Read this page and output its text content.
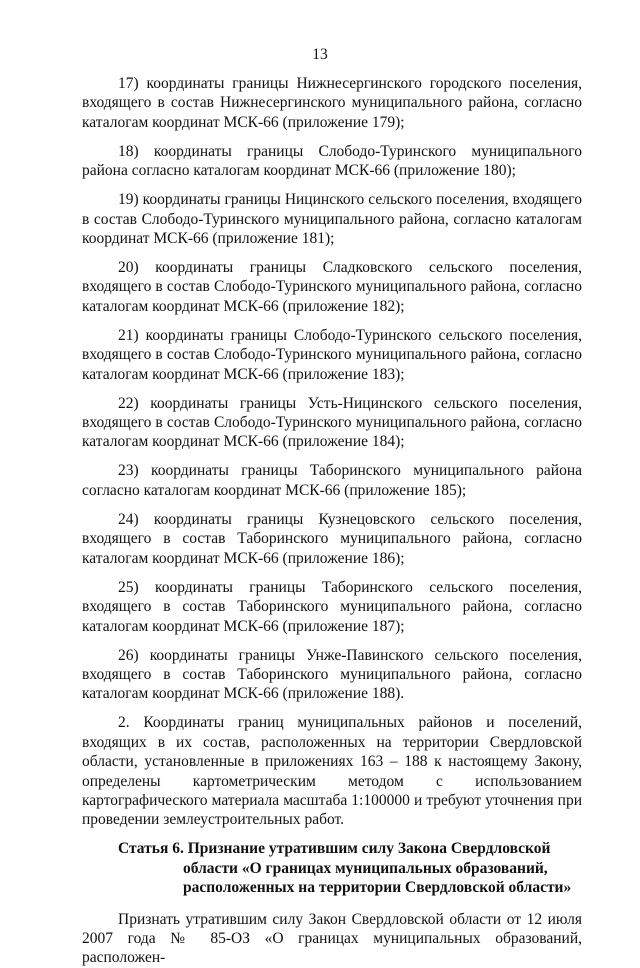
13

17) координаты границы Нижнесергинского городского поселения, входящего в состав Нижнесергинского муниципального района, согласно каталогам координат МСК-66 (приложение 179);

18) координаты границы Слободо-Туринского муниципального района согласно каталогам координат МСК-66 (приложение 180);

19) координаты границы Ницинского сельского поселения, входящего в состав Слободо-Туринского муниципального района, согласно каталогам координат МСК-66 (приложение 181);

20) координаты границы Сладковского сельского поселения, входящего в состав Слободо-Туринского муниципального района, согласно каталогам координат МСК-66 (приложение 182);

21) координаты границы Слободо-Туринского сельского поселения, входящего в состав Слободо-Туринского муниципального района, согласно каталогам координат МСК-66 (приложение 183);

22) координаты границы Усть-Ницинского сельского поселения, входящего в состав Слободо-Туринского муниципального района, согласно каталогам координат МСК-66 (приложение 184);

23) координаты границы Таборинского муниципального района согласно каталогам координат МСК-66 (приложение 185);

24) координаты границы Кузнецовского сельского поселения, входящего в состав Таборинского муниципального района, согласно каталогам координат МСК-66 (приложение 186);

25) координаты границы Таборинского сельского поселения, входящего в состав Таборинского муниципального района, согласно каталогам координат МСК-66 (приложение 187);

26) координаты границы Унже-Павинского сельского поселения, входящего в состав Таборинского муниципального района, согласно каталогам координат МСК-66 (приложение 188).

2. Координаты границ муниципальных районов и поселений, входящих в их состав, расположенных на территории Свердловской области, установленные в приложениях 163 – 188 к настоящему Закону, определены картометрическим методом с использованием картографического материала масштаба 1:100000 и требуют уточнения при проведении землеустроительных работ.

Статья 6. Признание утратившим силу Закона Свердловской
области «О границах муниципальных образований,
расположенных на территории Свердловской области»

Признать утратившим силу Закон Свердловской области от 12 июля 2007 года № 85-ОЗ «О границах муниципальных образований, расположен-
